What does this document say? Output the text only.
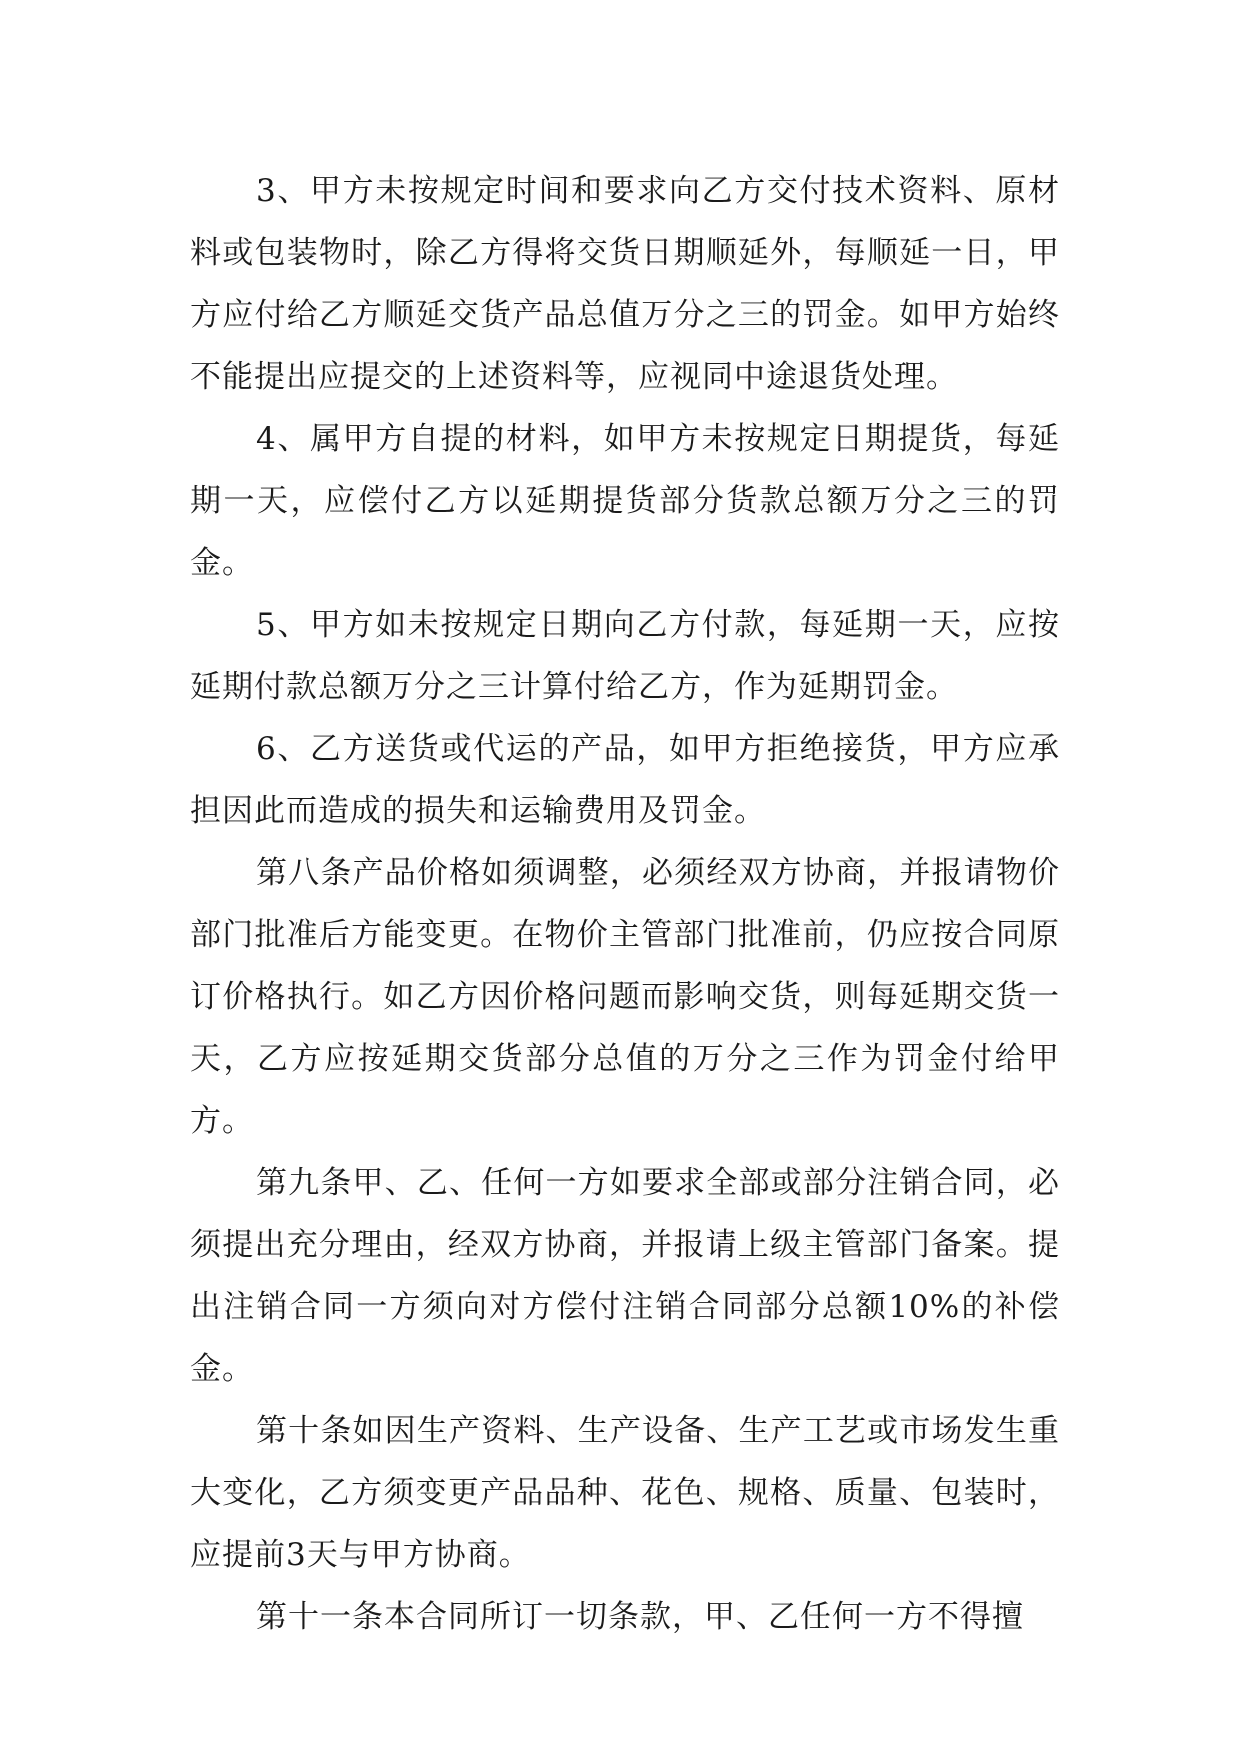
3、甲方未按规定时间和要求向乙方交付技术资料、原材料或包装物时，除乙方得将交货日期顺延外，每顺延一日，甲方应付给乙方顺延交货产品总值万分之三的罚金。如甲方始终不能提出应提交的上述资料等，应视同中途退货处理。

4、属甲方自提的材料，如甲方未按规定日期提货，每延期一天，应偿付乙方以延期提货部分货款总额万分之三的罚金。

5、甲方如未按规定日期向乙方付款，每延期一天，应按延期付款总额万分之三计算付给乙方，作为延期罚金。

6、乙方送货或代运的产品，如甲方拒绝接货，甲方应承担因此而造成的损失和运输费用及罚金。

第八条产品价格如须调整，必须经双方协商，并报请物价部门批准后方能变更。在物价主管部门批准前，仍应按合同原订价格执行。如乙方因价格问题而影响交货，则每延期交货一天，乙方应按延期交货部分总值的万分之三作为罚金付给甲方。

第九条甲、乙、任何一方如要求全部或部分注销合同，必须提出充分理由，经双方协商，并报请上级主管部门备案。提出注销合同一方须向对方偿付注销合同部分总额10%的补偿金。

第十条如因生产资料、生产设备、生产工艺或市场发生重大变化，乙方须变更产品品种、花色、规格、质量、包装时，应提前3天与甲方协商。

第十一条本合同所订一切条款，甲、乙任何一方不得擅
